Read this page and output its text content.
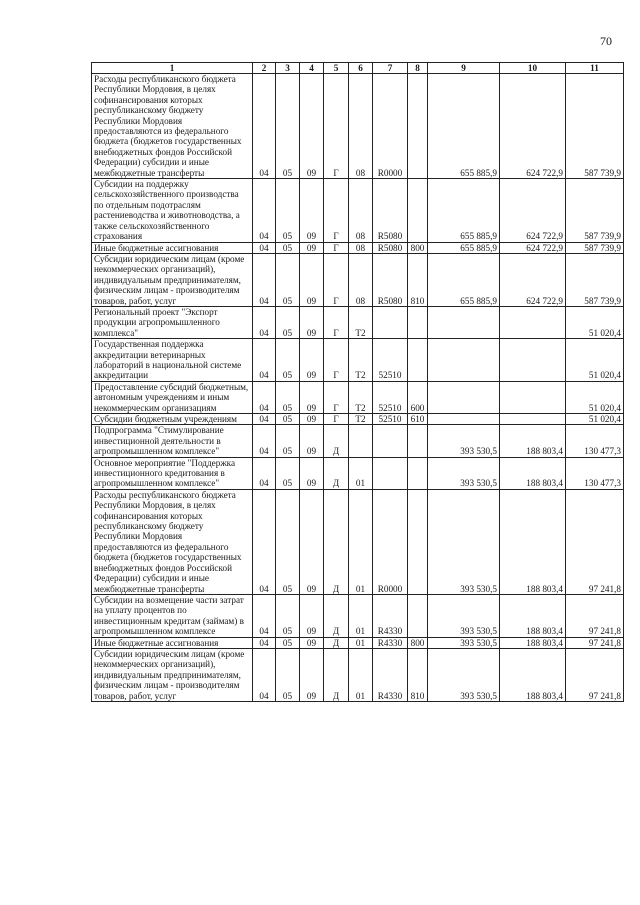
70
1	2	3	4	5	6	7	8	9	10	11
Расходы республиканского бюджета Республики Мордовия, в целях софинансирования которых республиканскому бюджету Республики Мордовия предоставляются из федерального бюджета (бюджетов государственных внебюджетных фондов Российской Федерации) субсидии и иные межбюджетные трансферты	04	05	09	Г	08	R0000		655 885,9	624 722,9	587 739,9
Субсидии на поддержку сельскохозяйственного производства по отдельным подотраслям растениеводства и животноводства, а также сельскохозяйственного страхования	04	05	09	Г	08	R5080		655 885,9	624 722,9	587 739,9
Иные бюджетные ассигнования	04	05	09	Г	08	R5080	800	655 885,9	624 722,9	587 739,9
Субсидии юридическим лицам (кроме некоммерческих организаций), индивидуальным предпринимателям, физическим лицам - производителям товаров, работ, услуг	04	05	09	Г	08	R5080	810	655 885,9	624 722,9	587 739,9
Региональный проект "Экспорт продукции агропромышленного комплекса"	04	05	09	Г	Т2					51 020,4
Государственная поддержка аккредитации ветеринарных лабораторий в национальной системе аккредитации	04	05	09	Г	Т2	52510				51 020,4
Предоставление субсидий бюджетным, автономным учреждениям и иным некоммерческим организациям	04	05	09	Г	Т2	52510	600			51 020,4
Субсидии бюджетным учреждениям	04	05	09	Г	Т2	52510	610			51 020,4
Подпрограмма "Стимулирование инвестиционной деятельности в агропромышленном комплексе"	04	05	09	Д				393 530,5	188 803,4	130 477,3
Основное мероприятие "Поддержка инвестиционного кредитования в агропромышленном комплексе"	04	05	09	Д	01			393 530,5	188 803,4	130 477,3
Расходы республиканского бюджета Республики Мордовия, в целях софинансирования которых республиканскому бюджету Республики Мордовия предоставляются из федерального бюджета (бюджетов государственных внебюджетных фондов Российской Федерации) субсидии и иные межбюджетные трансферты	04	05	09	Д	01	R0000		393 530,5	188 803,4	97 241,8
Субсидии на возмещение части затрат на уплату процентов по инвестиционным кредитам (займам) в агропромышленном комплексе	04	05	09	Д	01	R4330		393 530,5	188 803,4	97 241,8
Иные бюджетные ассигнования	04	05	09	Д	01	R4330	800	393 530,5	188 803,4	97 241,8
Субсидии юридическим лицам (кроме некоммерческих организаций), индивидуальным предпринимателям, физическим лицам - производителям товаров, работ, услуг	04	05	09	Д	01	R4330	810	393 530,5	188 803,4	97 241,8
